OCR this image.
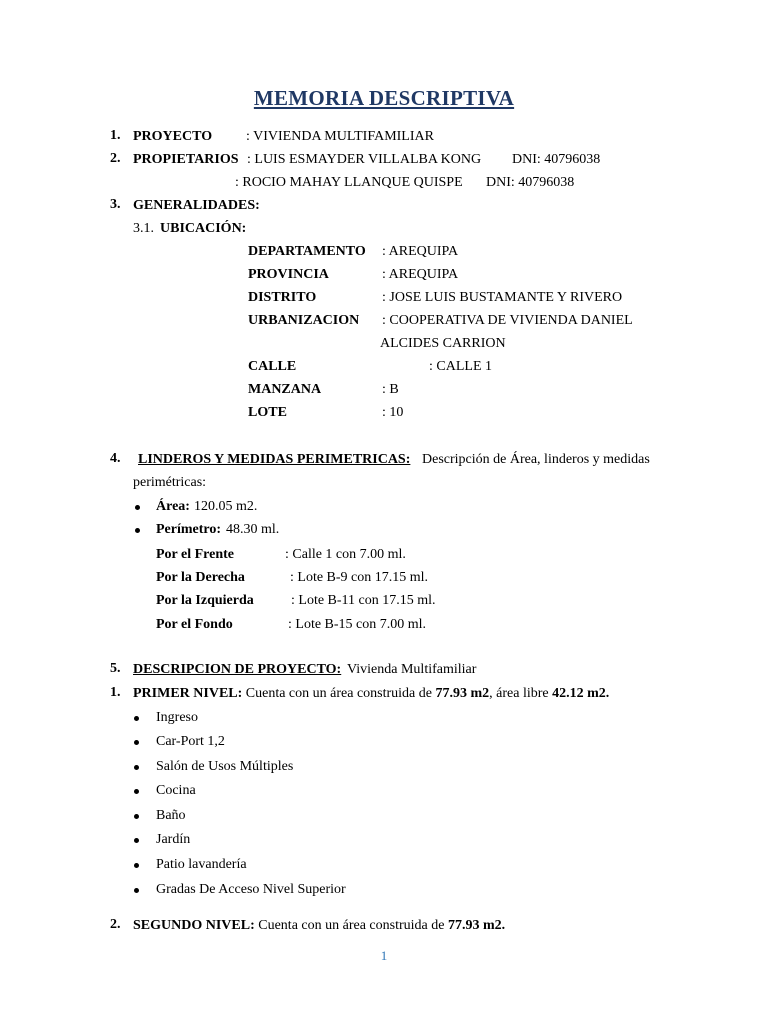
MEMORIA DESCRIPTIVA
1. PROYECTO : VIVIENDA MULTIFAMILIAR
2. PROPIETARIOS : LUIS ESMAYDER VILLALBA KONG DNI: 40796038
: ROCIO MAHAY LLANQUE QUISPE DNI: 40796038
3. GENERALIDADES:
3.1. UBICACIÓN:
DEPARTAMENTO : AREQUIPA
PROVINCIA	: AREQUIPA
DISTRITO	: JOSE LUIS BUSTAMANTE Y RIVERO
URBANIZACION : COOPERATIVA DE VIVIENDA DANIEL
ALCIDES CARRION
CALLE	: CALLE 1
MANZANA	: B
LOTE	: 10
4. LINDEROS Y MEDIDAS PERIMETRICAS: Descripción de Área, linderos y medidas
perimétricas:
Área: 120.05 m2.
Perímetro: 48.30 ml.
Por el Frente	: Calle 1 con 7.00 ml.
Por la Derecha	: Lote B-9 con 17.15 ml.
Por la Izquierda	: Lote B-11 con 17.15 ml.
Por el Fondo	: Lote B-15 con 7.00 ml.
5. DESCRIPCION DE PROYECTO: Vivienda Multifamiliar
1. PRIMER NIVEL: Cuenta con un área construida de 77.93 m2, área libre 42.12 m2.
Ingreso
Car-Port 1,2
Salón de Usos Múltiples
Cocina
Baño
Jardín
Patio lavandería
Gradas De Acceso Nivel Superior
2. SEGUNDO NIVEL: Cuenta con un área construida de 77.93 m2.
1
